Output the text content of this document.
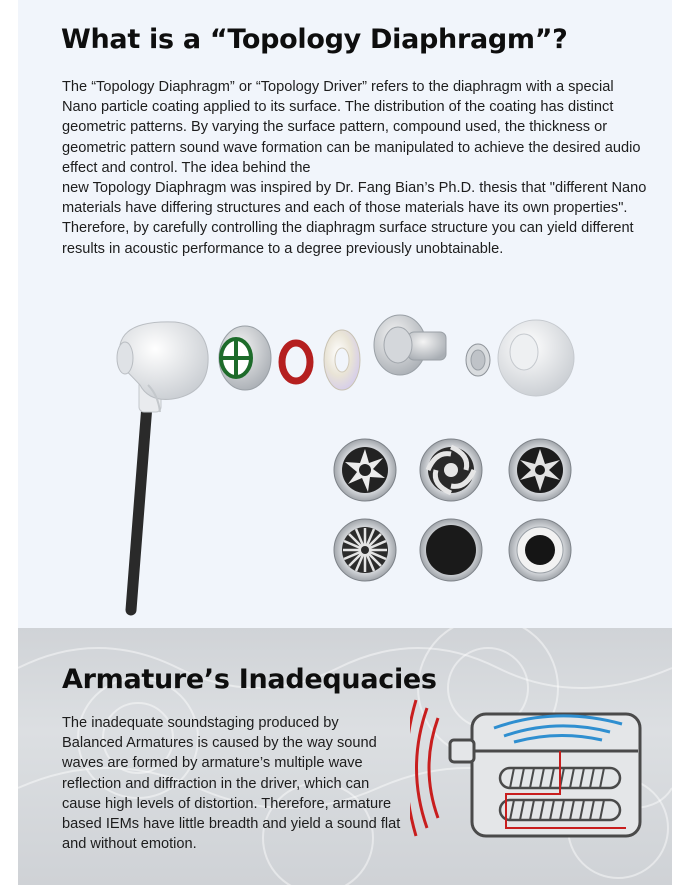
What is a “Topology Diaphragm”?

The “Topology Diaphragm” or “Topology Driver” refers to the diaphragm with a special Nano particle coating applied to its surface. The distribution of the coating has distinct geometric patterns. By varying the surface pattern, compound used, the thickness or geometric pattern sound wave formation can be manipulated to achieve the desired audio effect and control. The idea behind the

new Topology Diaphragm was inspired by Dr. Fang Bian’s Ph.D. thesis that "different Nano materials have differing structures and each of those materials have its own properties". Therefore, by carefully controlling the diaphragm surface structure you can yield different results in acoustic performance to a degree previously unobtainable.

Armature’s Inadequacies

The inadequate soundstaging produced by Balanced Armatures is caused by the way sound waves are formed by armature’s multiple wave reflection and diffraction in the driver, which can cause high levels of distortion. Therefore, armature based IEMs have little breadth and yield a sound flat and without emotion.
